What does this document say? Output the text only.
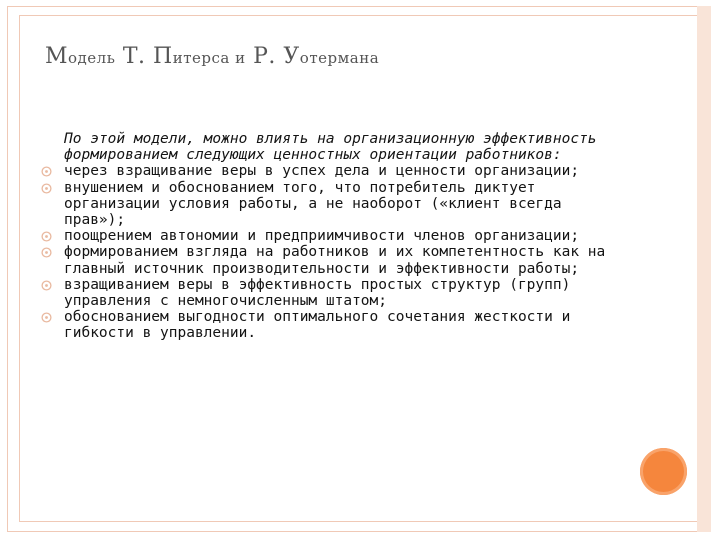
Модель Т. Питерса и Р. Уотермана
По этой модели, можно влиять на организационную эффективность формированием следующих ценностных ориентации работников:
через взращивание веры в успех дела и ценности организации;
внушением и обоснованием того, что потребитель диктует организации условия работы, а не наоборот («клиент всегда прав»);
поощрением автономии и предприимчивости членов организации;
формированием взгляда на работников и их компетентность как на главный источник производительности и эффективности работы;
взращиванием веры в эффективность простых структур (групп) управления с немногочисленным штатом;
обоснованием выгодности оптимального сочетания жесткости и гибкости в управлении.
